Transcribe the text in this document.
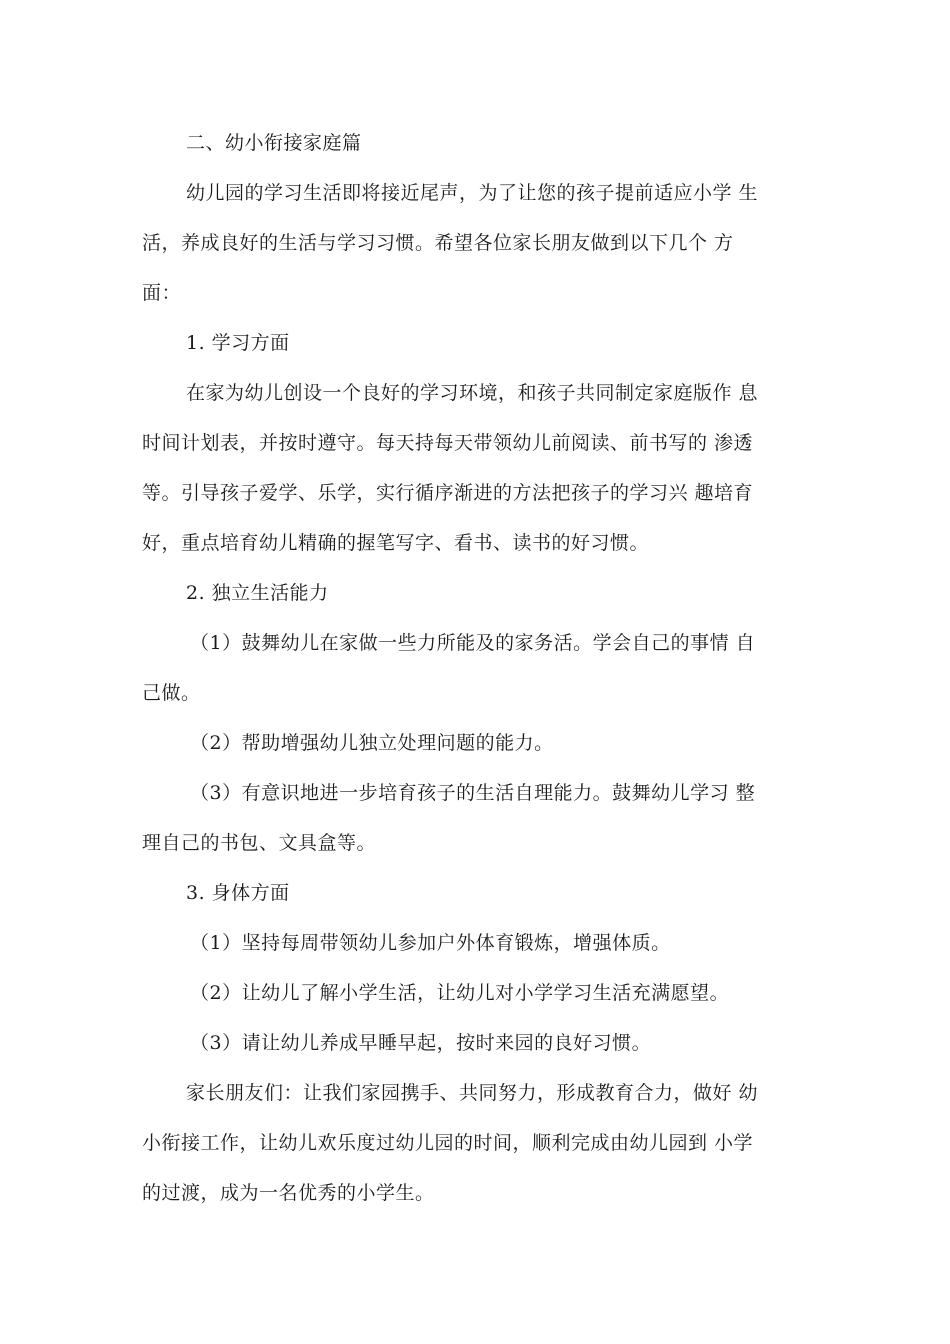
二、幼小衔接家庭篇
幼儿园的学习生活即将接近尾声，为了让您的孩子提前适应小学 生
活，养成良好的生活与学习习惯。希望各位家长朋友做到以下几个 方
面：
1. 学习方面
在家为幼儿创设一个良好的学习环境，和孩子共同制定家庭版作 息
时间计划表，并按时遵守。每天持每天带领幼儿前阅读、前书写的 渗透
等。引导孩子爱学、乐学，实行循序渐进的方法把孩子的学习兴 趣培育
好，重点培育幼儿精确的握笔写字、看书、读书的好习惯。
2. 独立生活能力
（1）鼓舞幼儿在家做一些力所能及的家务活。学会自己的事情 自
己做。
（2）帮助增强幼儿独立处理问题的能力。
（3）有意识地进一步培育孩子的生活自理能力。鼓舞幼儿学习 整
理自己的书包、文具盒等。
3. 身体方面
（1）坚持每周带领幼儿参加户外体育锻炼，增强体质。
（2）让幼儿了解小学生活，让幼儿对小学学习生活充满愿望。
（3）请让幼儿养成早睡早起，按时来园的良好习惯。
家长朋友们：让我们家园携手、共同努力，形成教育合力，做好 幼
小衔接工作，让幼儿欢乐度过幼儿园的时间，顺利完成由幼儿园到 小学
的过渡，成为一名优秀的小学生。
